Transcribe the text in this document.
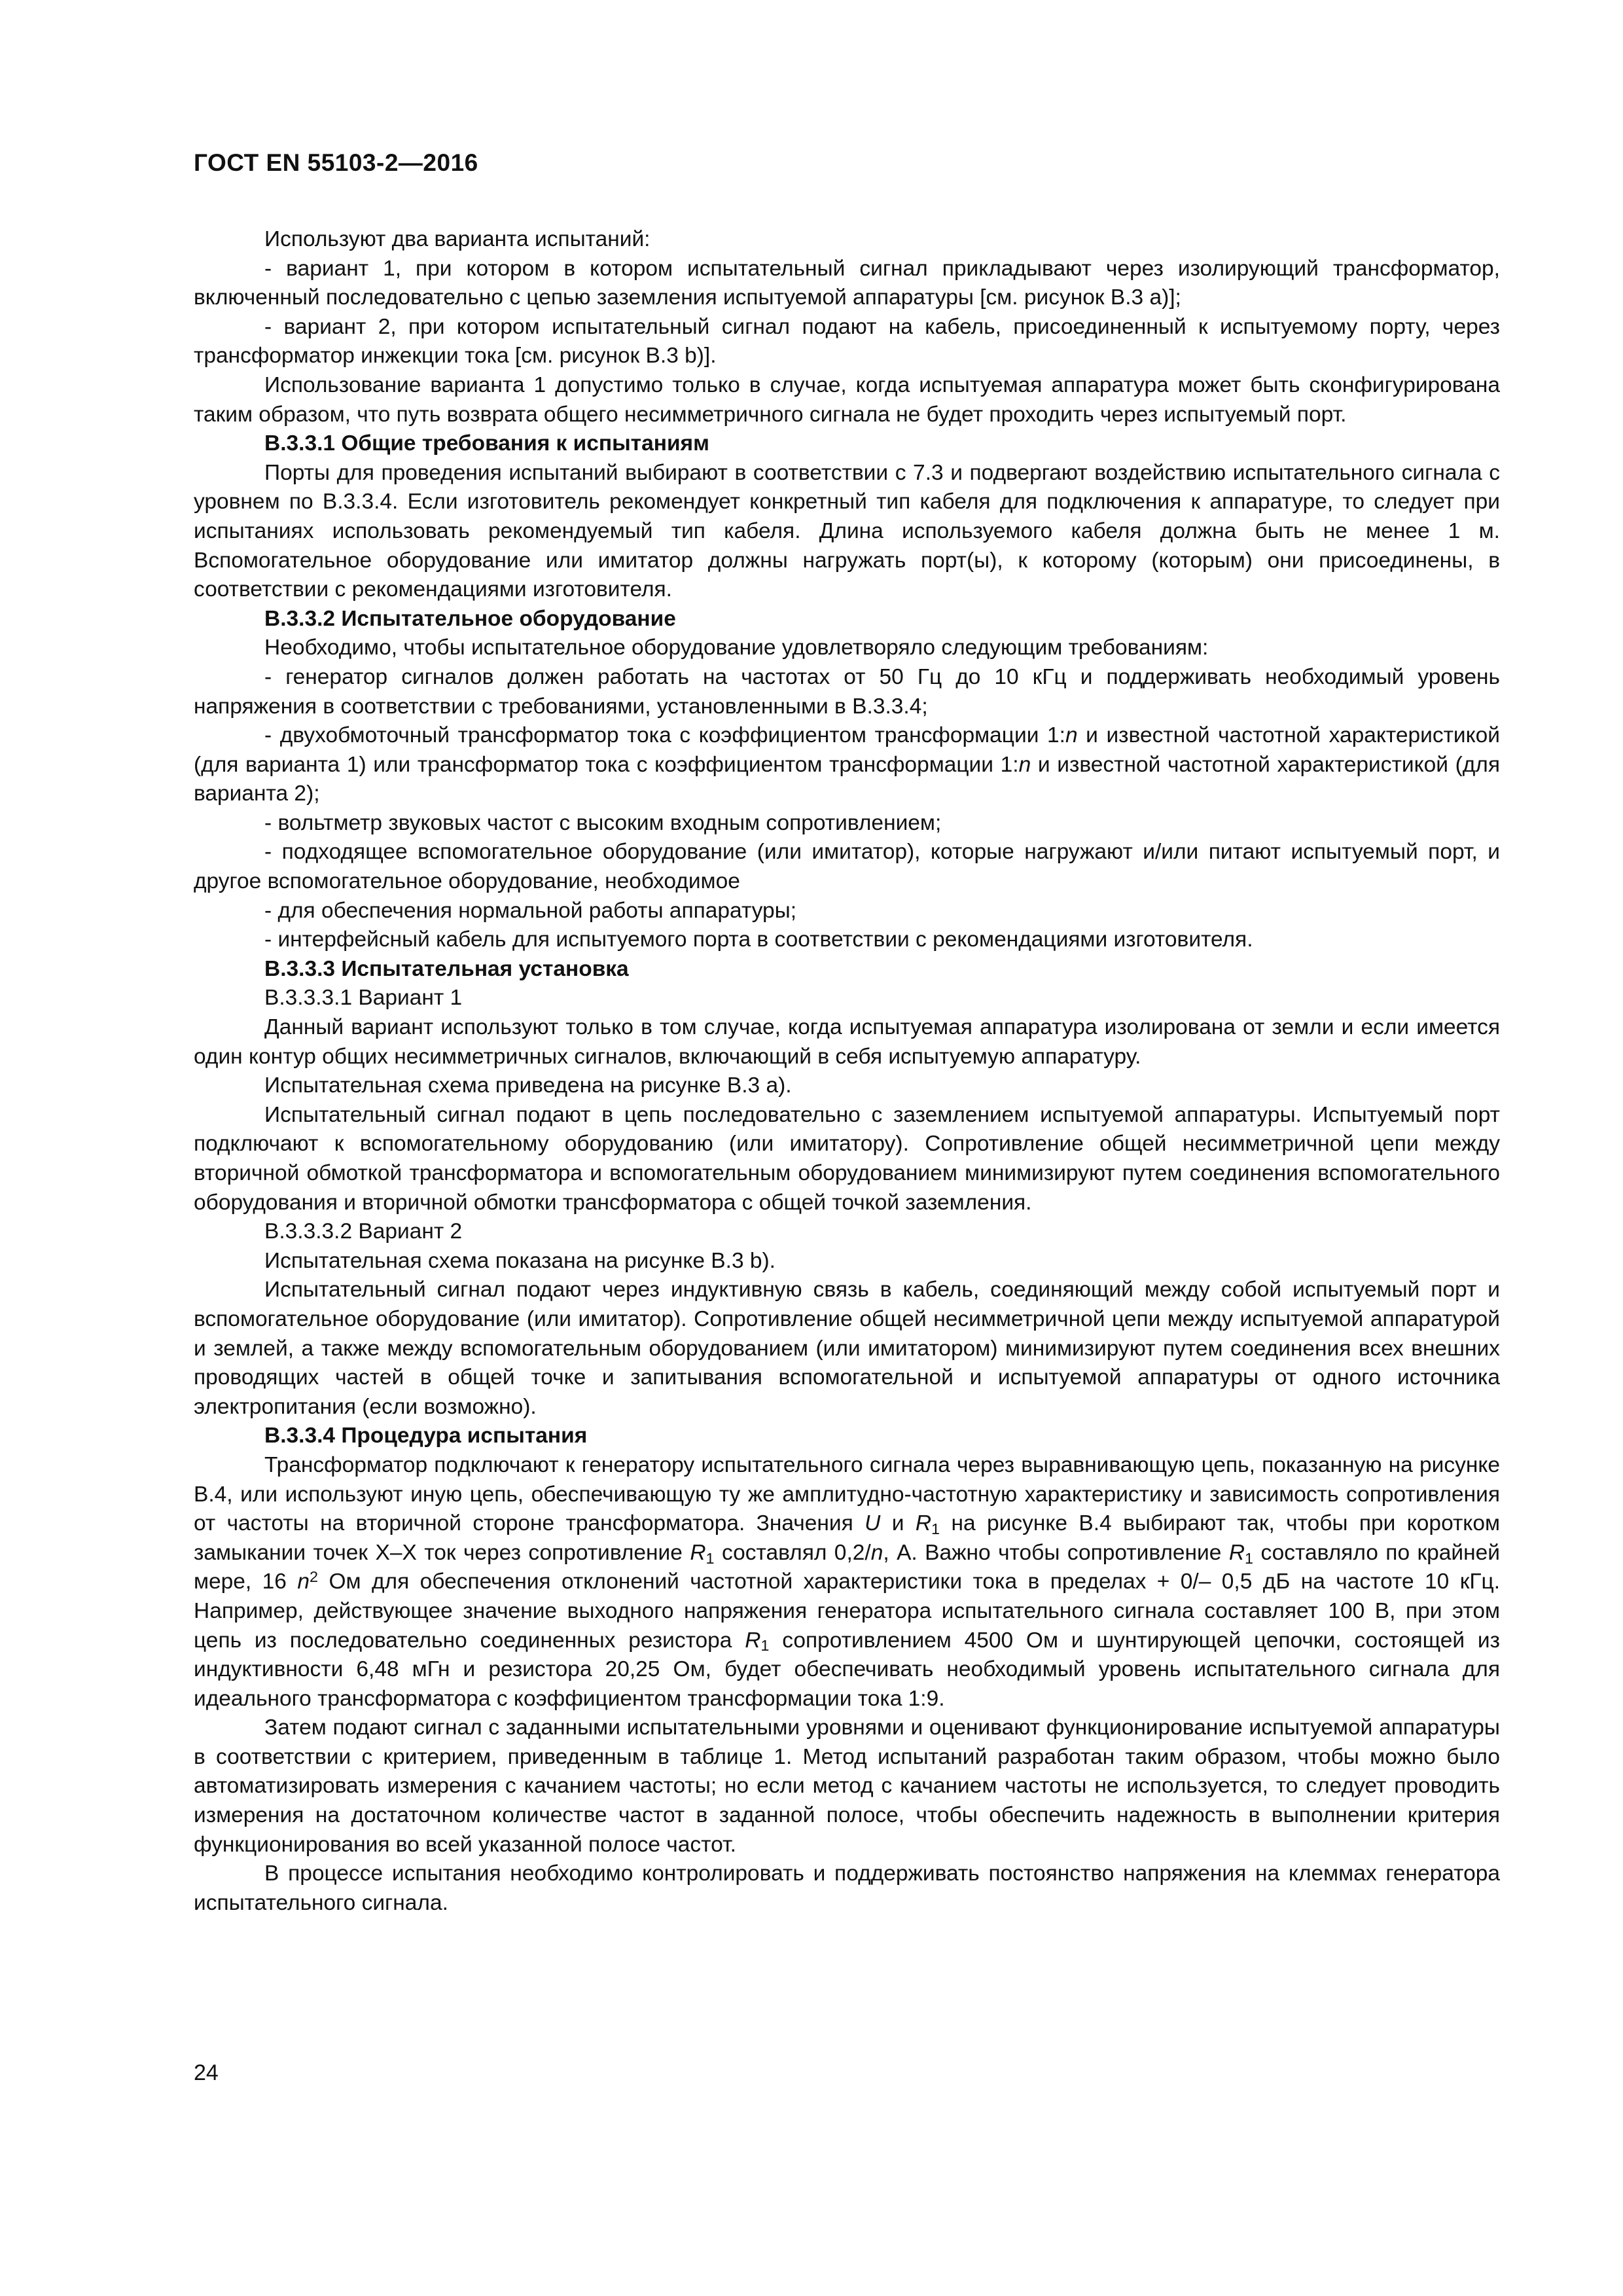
ГОСТ EN 55103-2—2016

Используют два варианта испытаний:

- вариант 1, при котором в котором испытательный сигнал прикладывают через изолирующий трансформатор, включенный последовательно с цепью заземления испытуемой аппаратуры [см. рисунок В.3 a)];

- вариант 2, при котором испытательный сигнал подают на кабель, присоединенный к испытуемому порту, через трансформатор инжекции тока [см. рисунок В.3 b)].

Использование варианта 1 допустимо только в случае, когда испытуемая аппаратура может быть сконфигурирована таким образом, что путь возврата общего несимметричного сигнала не будет проходить через испытуемый порт.

В.3.3.1 Общие требования к испытаниям

Порты для проведения испытаний выбирают в соответствии с 7.3 и подвергают воздействию испытательного сигнала с уровнем по В.3.3.4. Если изготовитель рекомендует конкретный тип кабеля для подключения к аппаратуре, то следует при испытаниях использовать рекомендуемый тип кабеля. Длина используемого кабеля должна быть не менее 1 м. Вспомогательное оборудование или имитатор должны нагружать порт(ы), к которому (которым) они присоединены, в соответствии с рекомендациями изготовителя.

В.3.3.2 Испытательное оборудование

Необходимо, чтобы испытательное оборудование удовлетворяло следующим требованиям:

- генератор сигналов должен работать на частотах от 50 Гц до 10 кГц и поддерживать необходимый уровень напряжения в соответствии с требованиями, установленными в В.3.3.4;

- двухобмоточный трансформатор тока с коэффициентом трансформации 1:n и известной частотной характеристикой (для варианта 1) или трансформатор тока с коэффициентом трансформации 1:n и известной частотной характеристикой (для варианта 2);

- вольтметр звуковых частот с высоким входным сопротивлением;

- подходящее вспомогательное оборудование (или имитатор), которые нагружают и/или питают испытуемый порт, и другое вспомогательное оборудование, необходимое

- для обеспечения нормальной работы аппаратуры;

- интерфейсный кабель для испытуемого порта в соответствии с рекомендациями изготовителя.

В.3.3.3 Испытательная установка

В.3.3.3.1 Вариант 1

Данный вариант используют только в том случае, когда испытуемая аппаратура изолирована от земли и если имеется один контур общих несимметричных сигналов, включающий в себя испытуемую аппаратуру.

Испытательная схема приведена на рисунке В.3 a).

Испытательный сигнал подают в цепь последовательно с заземлением испытуемой аппаратуры. Испытуемый порт подключают к вспомогательному оборудованию (или имитатору). Сопротивление общей несимметричной цепи между вторичной обмоткой трансформатора и вспомогательным оборудованием минимизируют путем соединения вспомогательного оборудования и вторичной обмотки трансформатора с общей точкой заземления.

В.3.3.3.2 Вариант 2

Испытательная схема показана на рисунке В.3 b).

Испытательный сигнал подают через индуктивную связь в кабель, соединяющий между собой испытуемый порт и вспомогательное оборудование (или имитатор). Сопротивление общей несимметричной цепи между испытуемой аппаратурой и землей, а также между вспомогательным оборудованием (или имитатором) минимизируют путем соединения всех внешних проводящих частей в общей точке и запитывания вспомогательной и испытуемой аппаратуры от одного источника электропитания (если возможно).

В.3.3.4 Процедура испытания

Трансформатор подключают к генератору испытательного сигнала через выравнивающую цепь, показанную на рисунке В.4, или используют иную цепь, обеспечивающую ту же амплитудно-частотную характеристику и зависимость сопротивления от частоты на вторичной стороне трансформатора. Значения U и $R_1$ на рисунке В.4 выбирают так, чтобы при коротком замыкании точек Х–Х ток через сопротивление $R_1$ составлял 0,2/n, А. Важно чтобы сопротивление $R_1$ составляло по крайней мере, 16 $n^2$ Ом для обеспечения отклонений частотной характеристики тока в пределах + 0/– 0,5 дБ на частоте 10 кГц. Например, действующее значение выходного напряжения генератора испытательного сигнала составляет 100 В, при этом цепь из последовательно соединенных резистора $R_1$ сопротивлением 4500 Ом и шунтирующей цепочки, состоящей из индуктивности 6,48 мГн и резистора 20,25 Ом, будет обеспечивать необходимый уровень испытательного сигнала для идеального трансформатора с коэффициентом трансформации тока 1:9.

Затем подают сигнал с заданными испытательными уровнями и оценивают функционирование испытуемой аппаратуры в соответствии с критерием, приведенным в таблице 1. Метод испытаний разработан таким образом, чтобы можно было автоматизировать измерения с качанием частоты; но если метод с качанием частоты не используется, то следует проводить измерения на достаточном количестве частот в заданной полосе, чтобы обеспечить надежность в выполнении критерия функционирования во всей указанной полосе частот.

В процессе испытания необходимо контролировать и поддерживать постоянство напряжения на клеммах генератора испытательного сигнала.

24
